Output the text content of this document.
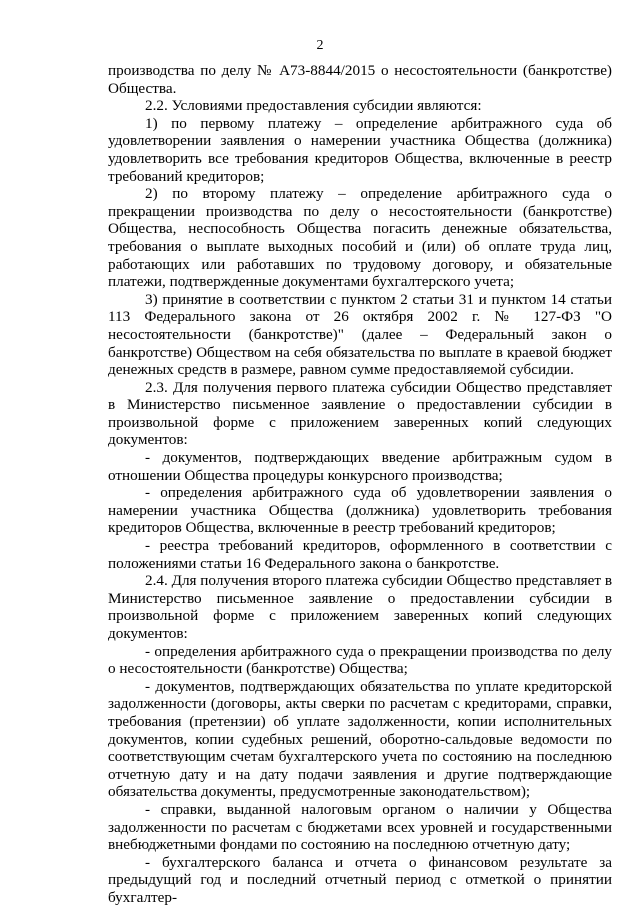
2

производства по делу № А73-8844/2015 о несостоятельности (банкротстве) Общества.

2.2. Условиями предоставления субсидии являются:

1) по первому платежу – определение арбитражного суда об удовлетворении заявления о намерении участника Общества (должника) удовлетворить все требования кредиторов Общества, включенные в реестр требований кредиторов;

2) по второму платежу – определение арбитражного суда о прекращении производства по делу о несостоятельности (банкротстве) Общества, неспособность Общества погасить денежные обязательства, требования о выплате выходных пособий и (или) об оплате труда лиц, работающих или работавших по трудовому договору, и обязательные платежи, подтвержденные документами бухгалтерского учета;

3) принятие в соответствии с пунктом 2 статьи 31 и пунктом 14 статьи 113 Федерального закона от 26 октября 2002 г. № 127-ФЗ "О несостоятельности (банкротстве)" (далее – Федеральный закон о банкротстве) Обществом на себя обязательства по выплате в краевой бюджет денежных средств в размере, равном сумме предоставляемой субсидии.

2.3. Для получения первого платежа субсидии Общество представляет в Министерство письменное заявление о предоставлении субсидии в произвольной форме с приложением заверенных копий следующих документов:

- документов, подтверждающих введение арбитражным судом в отношении Общества процедуры конкурсного производства;

- определения арбитражного суда об удовлетворении заявления о намерении участника Общества (должника) удовлетворить требования кредиторов Общества, включенные в реестр требований кредиторов;

- реестра требований кредиторов, оформленного в соответствии с положениями статьи 16 Федерального закона о банкротстве.

2.4. Для получения второго платежа субсидии Общество представляет в Министерство письменное заявление о предоставлении субсидии в произвольной форме с приложением заверенных копий следующих документов:

- определения арбитражного суда о прекращении производства по делу о несостоятельности (банкротстве) Общества;

- документов, подтверждающих обязательства по уплате кредиторской задолженности (договоры, акты сверки по расчетам с кредиторами, справки, требования (претензии) об уплате задолженности, копии исполнительных документов, копии судебных решений, оборотно-сальдовые ведомости по соответствующим счетам бухгалтерского учета по состоянию на последнюю отчетную дату и на дату подачи заявления и другие подтверждающие обязательства документы, предусмотренные законодательством);

- справки, выданной налоговым органом о наличии у Общества задолженности по расчетам с бюджетами всех уровней и государственными внебюджетными фондами по состоянию на последнюю отчетную дату;

- бухгалтерского баланса и отчета о финансовом результате за предыдущий год и последний отчетный период с отметкой о принятии бухгалтер-
